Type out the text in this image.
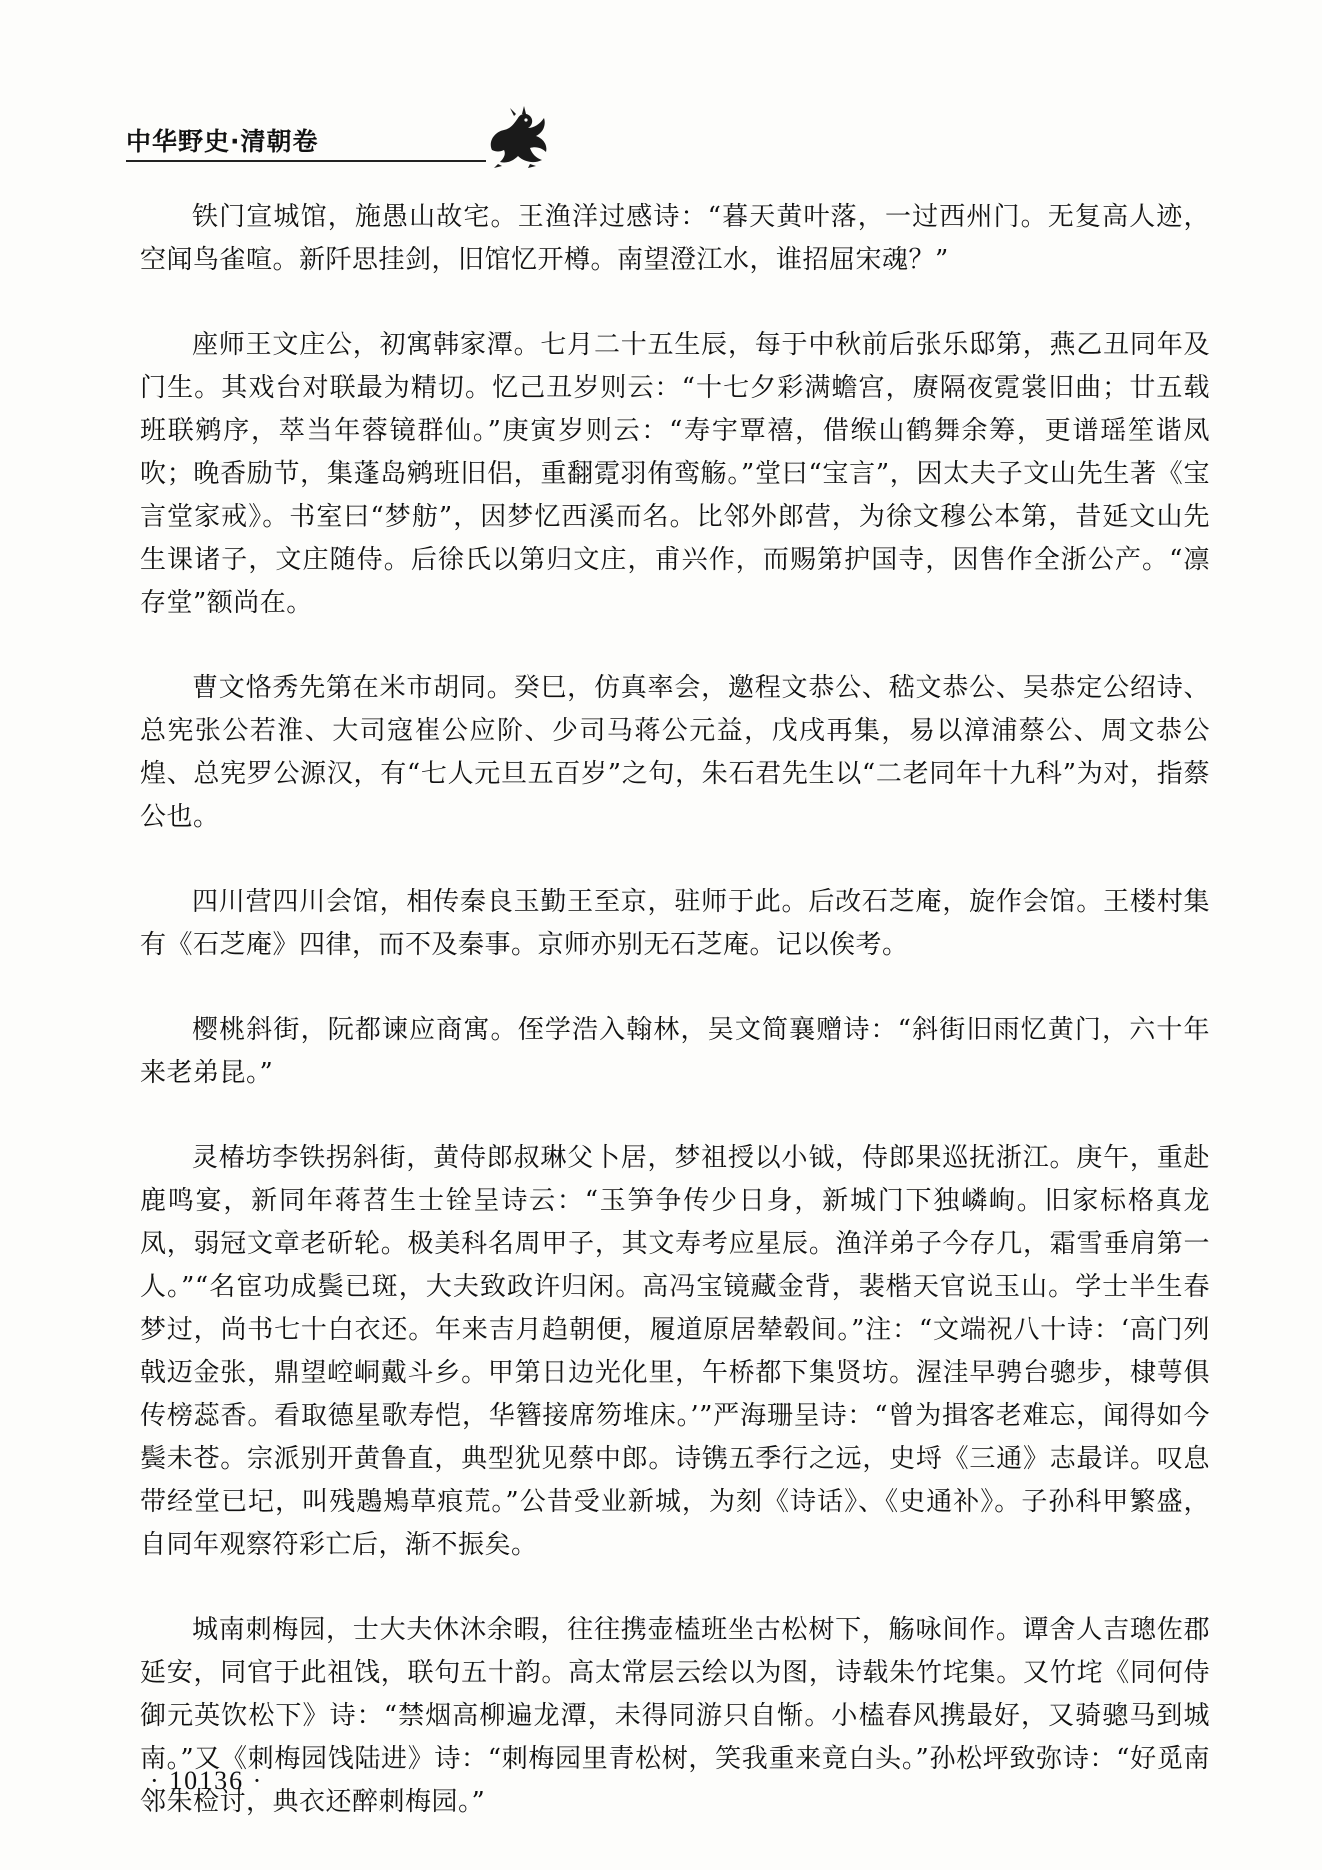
中华野史·清朝卷

铁门宣城馆，施愚山故宅。王渔洋过感诗：“暮天黄叶落，一过西州门。无复高人迹，空闻鸟雀喧。新阡思挂剑，旧馆忆开樽。南望澄江水，谁招屈宋魂？”

座师王文庄公，初寓韩家潭。七月二十五生辰，每于中秋前后张乐邸第，燕乙丑同年及门生。其戏台对联最为精切。忆己丑岁则云：“十七夕彩满蟾宫，赓隔夜霓裳旧曲；廿五载班联鹓序，萃当年蓉镜群仙。”庚寅岁则云：“寿宇覃禧，借缑山鹤舞余筹，更谱瑶笙谐凤吹；晚香励节，集蓬岛鹓班旧侣，重翻霓羽侑鸾觞。”堂曰“宝言”，因太夫子文山先生著《宝言堂家戒》。书室曰“梦舫”，因梦忆西溪而名。比邻外郎营，为徐文穆公本第，昔延文山先生课诸子，文庄随侍。后徐氏以第归文庄，甫兴作，而赐第护国寺，因售作全浙公产。“凛存堂”额尚在。

曹文恪秀先第在米市胡同。癸巳，仿真率会，邀程文恭公、嵇文恭公、吴恭定公绍诗、总宪张公若淮、大司寇崔公应阶、少司马蒋公元益，戊戌再集，易以漳浦蔡公、周文恭公煌、总宪罗公源汉，有“七人元旦五百岁”之句，朱石君先生以“二老同年十九科”为对，指蔡公也。

四川营四川会馆，相传秦良玉勤王至京，驻师于此。后改石芝庵，旋作会馆。王楼村集有《石芝庵》四律，而不及秦事。京师亦别无石芝庵。记以俟考。

樱桃斜街，阮都谏应商寓。侄学浩入翰林，吴文简襄赠诗：“斜街旧雨忆黄门，六十年来老弟昆。”

灵椿坊李铁拐斜街，黄侍郎叔琳父卜居，梦祖授以小钺，侍郎果巡抚浙江。庚午，重赴鹿鸣宴，新同年蒋苕生士铨呈诗云：“玉笋争传少日身，新城门下独嶙峋。旧家标格真龙凤，弱冠文章老斫轮。极美科名周甲子，其文寿考应星辰。渔洋弟子今存几，霜雪垂肩第一人。”“名宦功成鬓已斑，大夫致政许归闲。高冯宝镜藏金背，裴楷天官说玉山。学士半生春梦过，尚书七十白衣还。年来吉月趋朝便，履道原居辇毂间。”注：“文端祝八十诗：‘高门列戟迈金张，鼎望崆峒戴斗乡。甲第日边光化里，午桥都下集贤坊。渥洼早骋台骢步，棣萼俱传榜蕊香。看取德星歌寿恺，华簪接席笏堆床。’”严海珊呈诗：“曾为揖客老难忘，闻得如今鬓未苍。宗派别开黄鲁直，典型犹见蔡中郎。诗镌五季行之远，史埒《三通》志最详。叹息带经堂已圮，叫残鶗鴂草痕荒。”公昔受业新城，为刻《诗话》、《史通补》。子孙科甲繁盛，自同年观察符彩亡后，渐不振矣。

城南刺梅园，士大夫休沐余暇，往往携壶榼班坐古松树下，觞咏间作。谭舍人吉璁佐郡延安，同官于此祖饯，联句五十韵。高太常层云绘以为图，诗载朱竹垞集。又竹垞《同何侍御元英饮松下》诗：“禁烟高柳遍龙潭，未得同游只自惭。小榼春风携最好，又骑骢马到城南。”又《刺梅园饯陆进》诗：“刺梅园里青松树，笑我重来竟白头。”孙松坪致弥诗：“好觅南邻朱检讨，典衣还醉刺梅园。”

· 10136 ·
